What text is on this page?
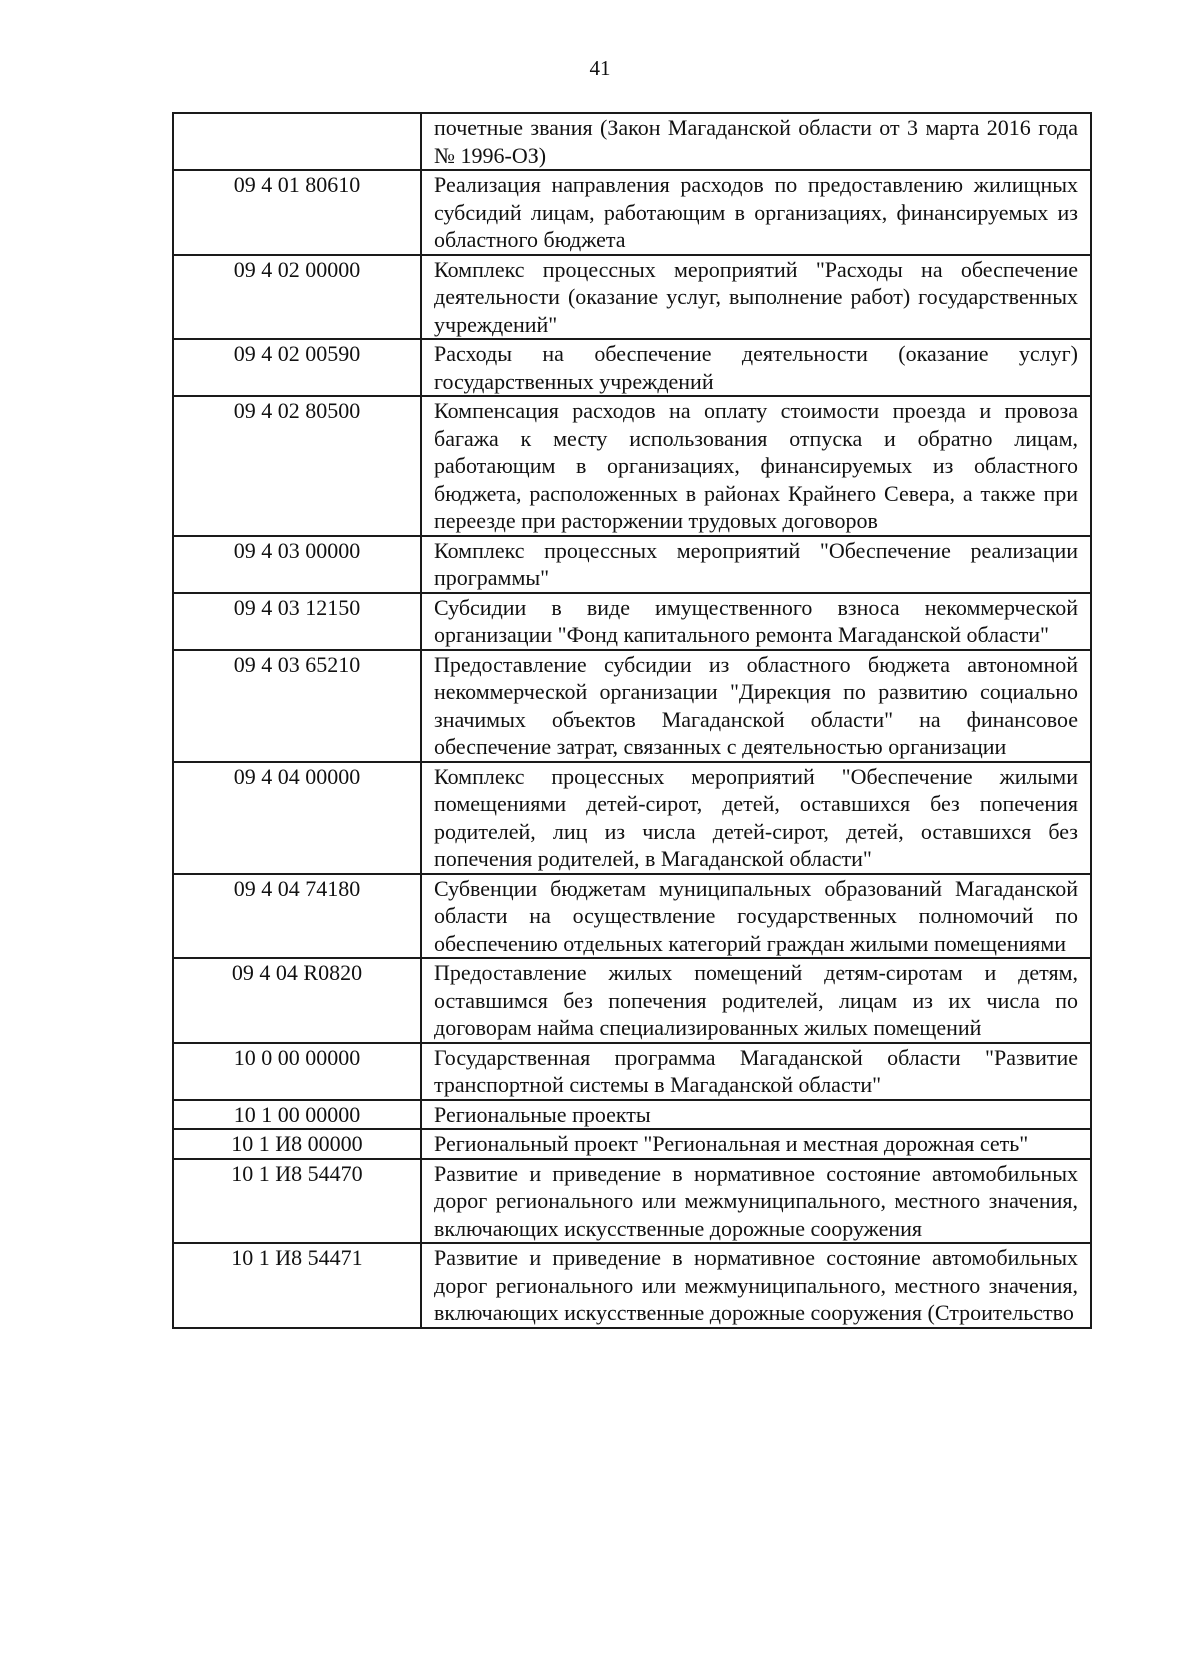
41
	почетные звания (Закон Магаданской области от 3 марта 2016 года № 1996-ОЗ)
09 4 01 80610	Реализация направления расходов по предоставлению жилищных субсидий лицам, работающим в организациях, финансируемых из областного бюджета
09 4 02 00000	Комплекс процессных мероприятий "Расходы на обеспечение деятельности (оказание услуг, выполнение работ) государственных учреждений"
09 4 02 00590	Расходы на обеспечение деятельности (оказание услуг) государственных учреждений
09 4 02 80500	Компенсация расходов на оплату стоимости проезда и провоза багажа к месту использования отпуска и обратно лицам, работающим в организациях, финансируемых из областного бюджета, расположенных в районах Крайнего Севера, а также при переезде при расторжении трудовых договоров
09 4 03 00000	Комплекс процессных мероприятий "Обеспечение реализации программы"
09 4 03 12150	Субсидии в виде имущественного взноса некоммерческой организации "Фонд капитального ремонта Магаданской области"
09 4 03 65210	Предоставление субсидии из областного бюджета автономной некоммерческой организации "Дирекция по развитию социально значимых объектов Магаданской области" на финансовое обеспечение затрат, связанных с деятельностью организации
09 4 04 00000	Комплекс процессных мероприятий "Обеспечение жилыми помещениями детей-сирот, детей, оставшихся без попечения родителей, лиц из числа детей-сирот, детей, оставшихся без попечения родителей, в Магаданской области"
09 4 04 74180	Субвенции бюджетам муниципальных образований Магаданской области на осуществление государственных полномочий по обеспечению отдельных категорий граждан жилыми помещениями
09 4 04 R0820	Предоставление жилых помещений детям-сиротам и детям, оставшимся без попечения родителей, лицам из их числа по договорам найма специализированных жилых помещений
10 0 00 00000	Государственная программа Магаданской области "Развитие транспортной системы в Магаданской области"
10 1 00 00000	Региональные проекты
10 1 И8 00000	Региональный проект "Региональная и местная дорожная сеть"
10 1 И8 54470	Развитие и приведение в нормативное состояние автомобильных дорог регионального или межмуниципального, местного значения, включающих искусственные дорожные сооружения
10 1 И8 54471	Развитие и приведение в нормативное состояние автомобильных дорог регионального или межмуниципального, местного значения, включающих искусственные дорожные сооружения (Строительство
